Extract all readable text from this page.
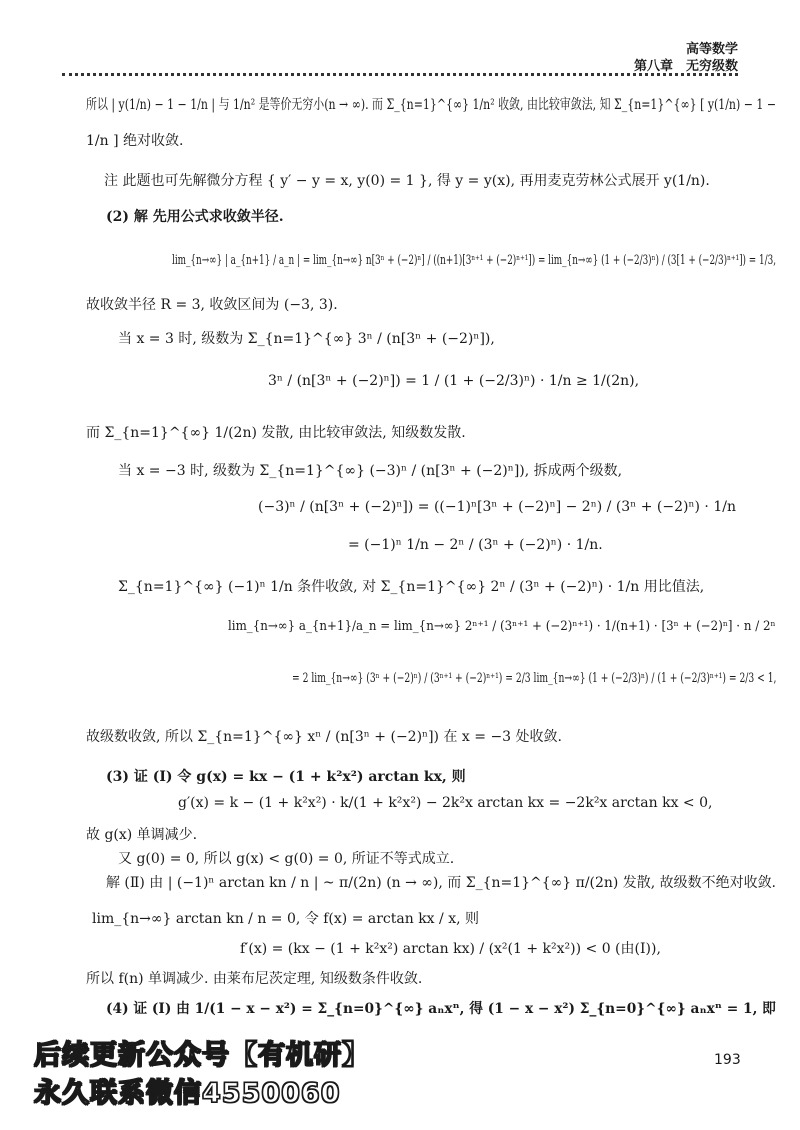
高等数学
第八章　无穷级数
所以 | y(1/n) − 1 − 1/n | 与 1/n² 是等价无穷小(n → ∞). 而 Σ_{n=1}^{∞} 1/n² 收敛, 由比较审敛法, 知 Σ_{n=1}^{∞} [ y(1/n) − 1 −
1/n ] 绝对收敛.
注 此题也可先解微分方程 { y′ − y = x, y(0) = 1 }, 得 y = y(x), 再用麦克劳林公式展开 y(1/n).
(2) 解 先用公式求收敛半径.
lim_{n→∞} | a_{n+1} / a_n | = lim_{n→∞} n[3ⁿ + (−2)ⁿ] / ((n+1)[3ⁿ⁺¹ + (−2)ⁿ⁺¹]) = lim_{n→∞} (1 + (−2/3)ⁿ) / (3[1 + (−2/3)ⁿ⁺¹]) = 1/3,
故收敛半径 R = 3, 收敛区间为 (−3, 3).
当 x = 3 时, 级数为 Σ_{n=1}^{∞} 3ⁿ / (n[3ⁿ + (−2)ⁿ]),
3ⁿ / (n[3ⁿ + (−2)ⁿ]) = 1 / (1 + (−2/3)ⁿ) · 1/n ≥ 1/(2n),
而 Σ_{n=1}^{∞} 1/(2n) 发散, 由比较审敛法, 知级数发散.
当 x = −3 时, 级数为 Σ_{n=1}^{∞} (−3)ⁿ / (n[3ⁿ + (−2)ⁿ]), 拆成两个级数,
(−3)ⁿ / (n[3ⁿ + (−2)ⁿ]) = ((−1)ⁿ[3ⁿ + (−2)ⁿ] − 2ⁿ) / (3ⁿ + (−2)ⁿ) · 1/n
= (−1)ⁿ 1/n − 2ⁿ / (3ⁿ + (−2)ⁿ) · 1/n.
Σ_{n=1}^{∞} (−1)ⁿ 1/n 条件收敛, 对 Σ_{n=1}^{∞} 2ⁿ / (3ⁿ + (−2)ⁿ) · 1/n 用比值法,
lim_{n→∞} a_{n+1}/a_n = lim_{n→∞} 2ⁿ⁺¹ / (3ⁿ⁺¹ + (−2)ⁿ⁺¹) · 1/(n+1) · [3ⁿ + (−2)ⁿ] · n / 2ⁿ
= 2 lim_{n→∞} (3ⁿ + (−2)ⁿ) / (3ⁿ⁺¹ + (−2)ⁿ⁺¹) = 2/3 lim_{n→∞} (1 + (−2/3)ⁿ) / (1 + (−2/3)ⁿ⁺¹) = 2/3 < 1,
故级数收敛, 所以 Σ_{n=1}^{∞} xⁿ / (n[3ⁿ + (−2)ⁿ]) 在 x = −3 处收敛.
(3) 证 (Ⅰ) 令 g(x) = kx − (1 + k²x²) arctan kx, 则
g′(x) = k − (1 + k²x²) · k/(1 + k²x²) − 2k²x arctan kx = −2k²x arctan kx < 0,
故 g(x) 单调减少.
又 g(0) = 0, 所以 g(x) < g(0) = 0, 所证不等式成立.
解 (Ⅱ) 由 | (−1)ⁿ arctan kn / n | ~ π/(2n) (n → ∞), 而 Σ_{n=1}^{∞} π/(2n) 发散, 故级数不绝对收敛.
lim_{n→∞} arctan kn / n = 0, 令 f(x) = arctan kx / x, 则
f′(x) = (kx − (1 + k²x²) arctan kx) / (x²(1 + k²x²)) < 0 (由(Ⅰ)),
所以 f(n) 单调减少. 由莱布尼茨定理, 知级数条件收敛.
(4) 证 (Ⅰ) 由 1/(1 − x − x²) = Σ_{n=0}^{∞} aₙxⁿ, 得 (1 − x − x²) Σ_{n=0}^{∞} aₙxⁿ = 1, 即
193
后续更新公众号【有机研】
永久联系微信4550060
